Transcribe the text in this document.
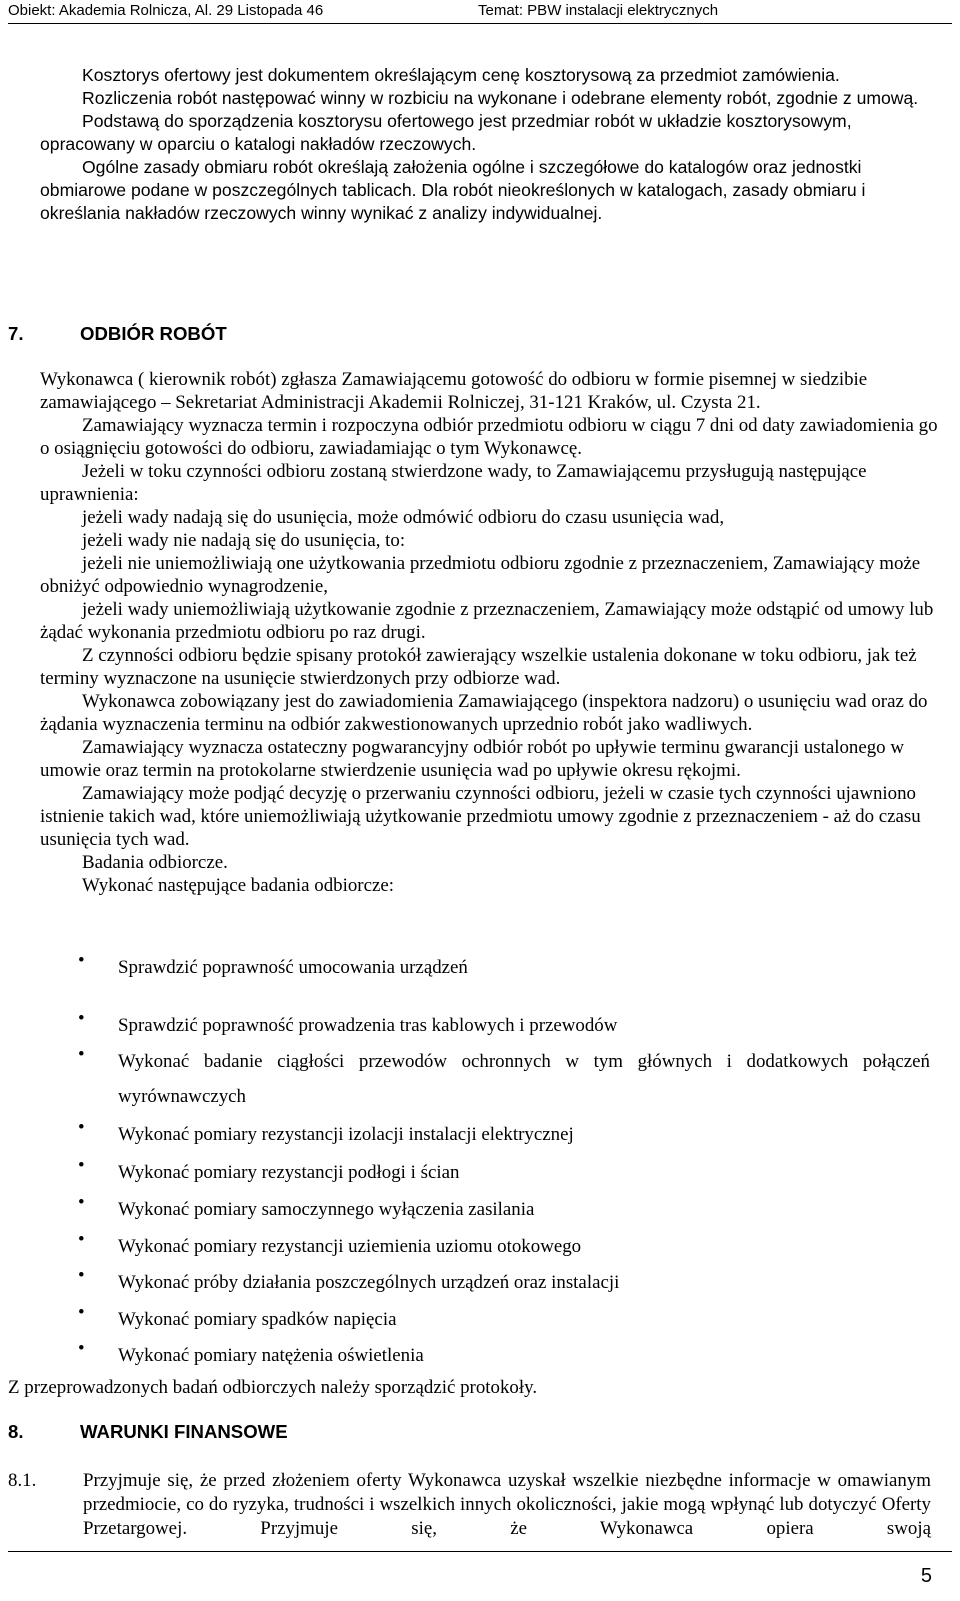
Obiekt: Akademia Rolnicza, Al. 29 Listopada 46	Temat: PBW instalacji elektrycznych

Kosztorys ofertowy jest dokumentem określającym cenę kosztorysową za przedmiot zamówienia.

Rozliczenia robót następować winny w rozbiciu na wykonane i odebrane elementy robót, zgodnie z umową.

Podstawą do sporządzenia kosztorysu ofertowego jest przedmiar robót w układzie kosztorysowym, opracowany w oparciu o katalogi nakładów rzeczowych.

Ogólne zasady obmiaru robót określają założenia ogólne i szczegółowe do katalogów oraz jednostki obmiarowe podane w poszczególnych tablicach. Dla robót nieokreślonych w katalogach, zasady obmiaru i określania nakładów rzeczowych winny wynikać z analizy indywidualnej.

7.	ODBIÓR ROBÓT

Wykonawca ( kierownik robót) zgłasza Zamawiającemu gotowość do odbioru w formie pisemnej w siedzibie zamawiającego – Sekretariat Administracji Akademii Rolniczej, 31-121 Kraków, ul. Czysta 21.

Zamawiający wyznacza termin i rozpoczyna odbiór przedmiotu odbioru w ciągu 7 dni od daty zawiadomienia go o osiągnięciu gotowości do odbioru, zawiadamiając o tym Wykonawcę.

Jeżeli w toku czynności odbioru zostaną stwierdzone wady, to Zamawiającemu przysługują następujące uprawnienia:

jeżeli wady nadają się do usunięcia, może odmówić odbioru do czasu usunięcia wad,

jeżeli wady nie nadają się do usunięcia, to:

jeżeli nie uniemożliwiają one użytkowania przedmiotu odbioru zgodnie z przeznaczeniem, Zamawiający może obniżyć odpowiednio wynagrodzenie,

jeżeli wady uniemożliwiają użytkowanie zgodnie z przeznaczeniem, Zamawiający może odstąpić od umowy lub żądać wykonania przedmiotu odbioru po raz drugi.

Z czynności odbioru będzie spisany protokół zawierający wszelkie ustalenia dokonane w toku odbioru, jak też terminy wyznaczone na usunięcie stwierdzonych przy odbiorze wad.

Wykonawca zobowiązany jest do zawiadomienia Zamawiającego (inspektora nadzoru) o usunięciu wad oraz do żądania wyznaczenia terminu na odbiór zakwestionowanych uprzednio robót jako wadliwych.

Zamawiający wyznacza ostateczny pogwarancyjny odbiór robót po upływie terminu gwarancji ustalonego w umowie oraz termin na protokolarne stwierdzenie usunięcia wad po upływie okresu rękojmi.

Zamawiający może podjąć decyzję o przerwaniu czynności odbioru, jeżeli w czasie tych czynności ujawniono istnienie takich wad, które uniemożliwiają użytkowanie przedmiotu umowy zgodnie z przeznaczeniem - aż do czasu usunięcia tych wad.

Badania odbiorcze.

Wykonać następujące badania odbiorcze:

• Sprawdzić poprawność umocowania urządzeń
• Sprawdzić poprawność prowadzenia tras kablowych i przewodów
• Wykonać badanie ciągłości przewodów ochronnych w tym głównych i dodatkowych połączeń wyrównawczych
• Wykonać pomiary rezystancji izolacji instalacji elektrycznej
• Wykonać pomiary rezystancji podłogi i ścian
• Wykonać pomiary samoczynnego wyłączenia zasilania
• Wykonać pomiary rezystancji uziemienia uziomu otokowego
• Wykonać próby działania poszczególnych urządzeń oraz instalacji
• Wykonać pomiary spadków napięcia
• Wykonać pomiary natężenia oświetlenia
Z przeprowadzonych badań odbiorczych należy sporządzić protokoły.
8.	WARUNKI FINANSOWE
8.1. Przyjmuje się, że przed złożeniem oferty Wykonawca uzyskał wszelkie niezbędne informacje w omawianym przedmiocie, co do ryzyka, trudności i wszelkich innych okoliczności, jakie mogą wpłynąć lub dotyczyć Oferty Przetargowej. Przyjmuje się, że Wykonawca opiera swoją
5
